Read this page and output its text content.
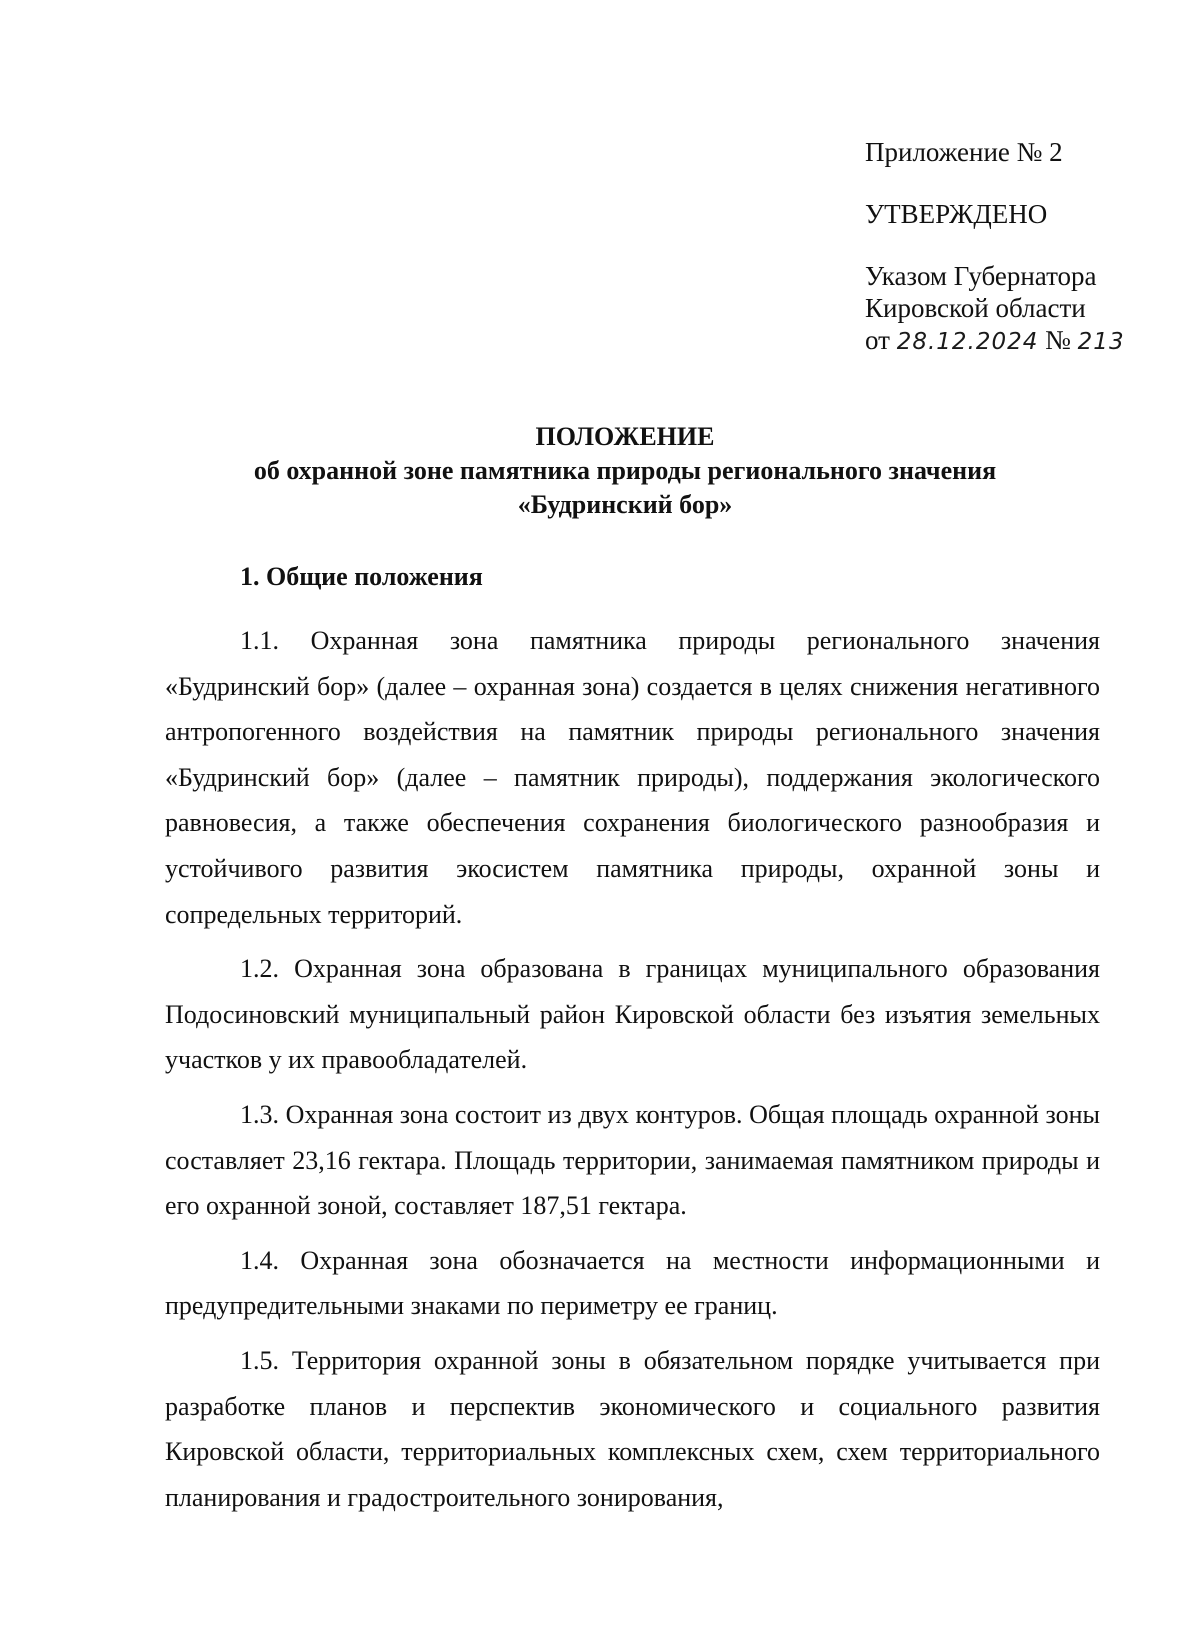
Приложение № 2
УТВЕРЖДЕНО
Указом Губернатора
Кировской области
от 28.12.2024 № 213
ПОЛОЖЕНИЕ
об охранной зоне памятника природы регионального значения
«Будринский бор»
1. Общие положения

1.1. Охранная зона памятника природы регионального значения «Будринский бор» (далее – охранная зона) создается в целях снижения негативного антропогенного воздействия на памятник природы регионального значения «Будринский бор» (далее – памятник природы), поддержания экологического равновесия, а также обеспечения сохранения биологического разнообразия и устойчивого развития экосистем памятника природы, охранной зоны и сопредельных территорий.

1.2. Охранная зона образована в границах муниципального образования Подосиновский муниципальный район Кировской области без изъятия земельных участков у их правообладателей.

1.3. Охранная зона состоит из двух контуров. Общая площадь охранной зоны составляет 23,16 гектара. Площадь территории, занимаемая памятником природы и его охранной зоной, составляет 187,51 гектара.

1.4. Охранная зона обозначается на местности информационными и предупредительными знаками по периметру ее границ.

1.5. Территория охранной зоны в обязательном порядке учитывается при разработке планов и перспектив экономического и социального развития Кировской области, территориальных комплексных схем, схем территориального планирования и градостроительного зонирования,
